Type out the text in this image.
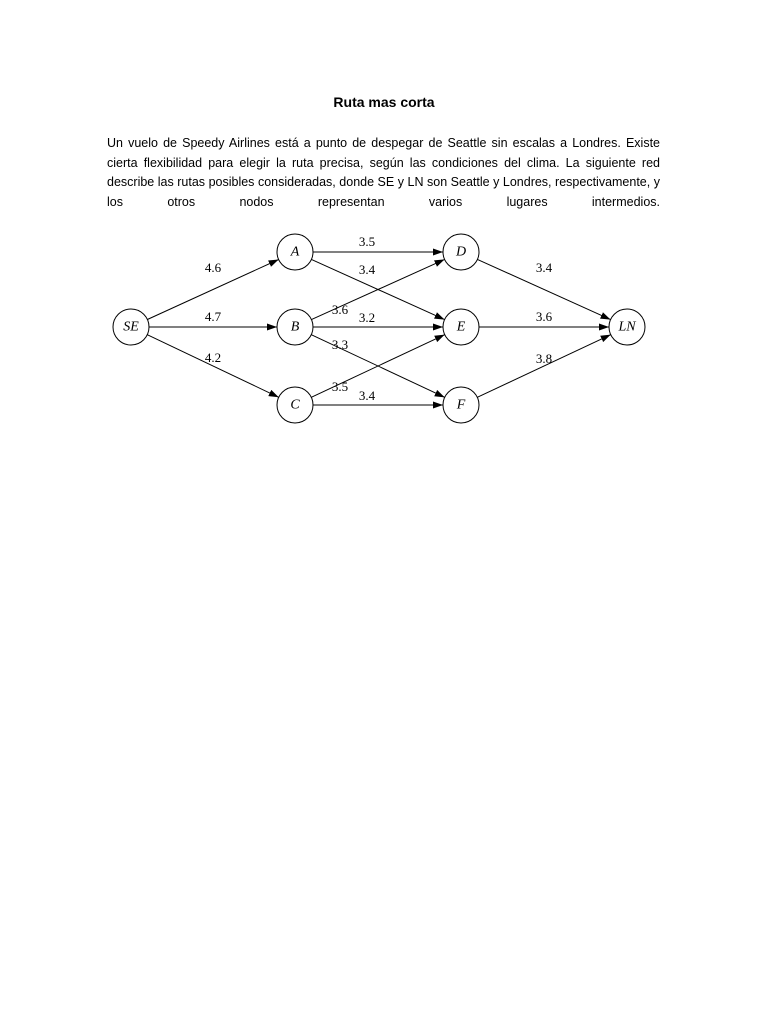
Ruta mas corta

Un vuelo de Speedy Airlines está a punto de despegar de Seattle sin escalas a Londres. Existe cierta flexibilidad para elegir la ruta precisa, según las condiciones del clima. La siguiente red describe las rutas posibles consideradas, donde SE y LN son Seattle y Londres, respectivamente, y los otros nodos representan varios lugares intermedios.

4.6
4.7
4.2
3.5
3.4
3.6
3.2
3.3
3.5
3.4
3.4
3.6
3.8
SE
A
B
C
D
E
F
LN
